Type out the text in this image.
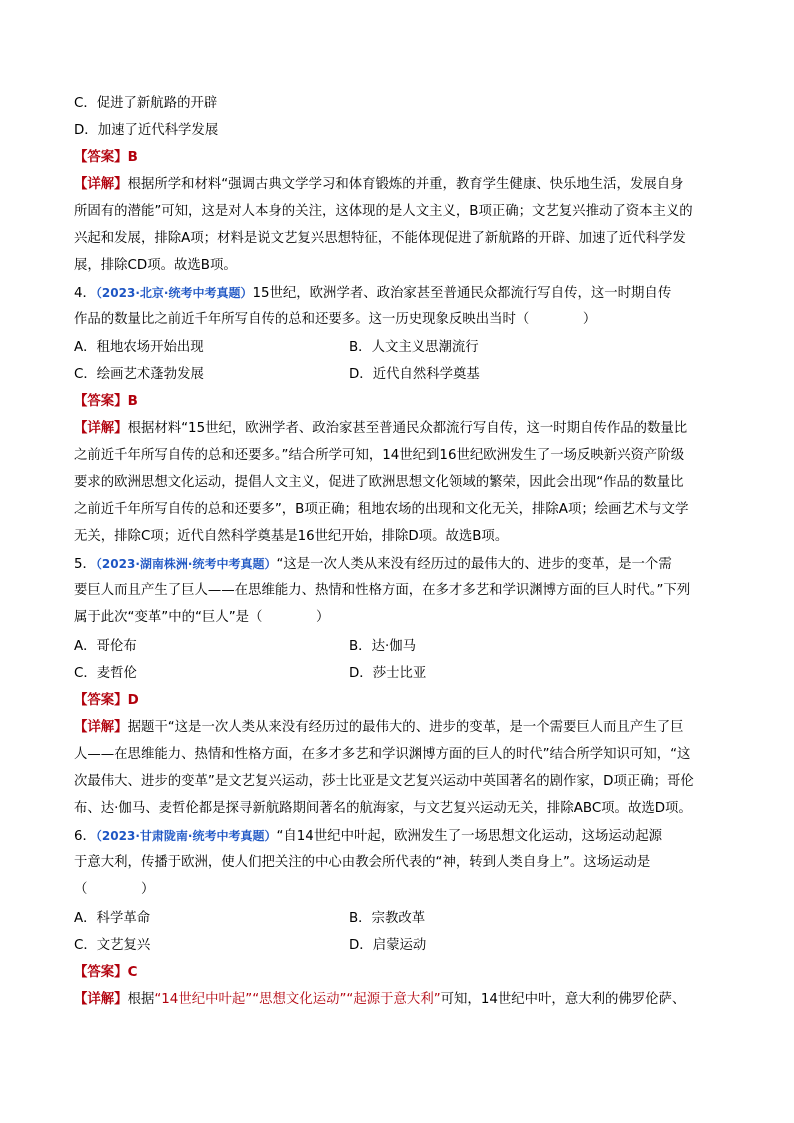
C．促进了新航路的开辟
D．加速了近代科学发展
【答案】B
【详解】根据所学和材料“强调古典文学学习和体育锻炼的并重，教育学生健康、快乐地生活，发展自身
所固有的潜能”可知，这是对人本身的关注，这体现的是人文主义，B项正确；文艺复兴推动了资本主义的
兴起和发展，排除A项；材料是说文艺复兴思想特征，不能体现促进了新航路的开辟、加速了近代科学发
展，排除CD项。故选B项。
4．（2023·北京·统考中考真题）15世纪，欧洲学者、政治家甚至普通民众都流行写自传，这一时期自传
作品的数量比之前近千年所写自传的总和还要多。这一历史现象反映出当时（　　　　）
A．租地农场开始出现	B．人文主义思潮流行
C．绘画艺术蓬勃发展	D．近代自然科学奠基
【答案】B
【详解】根据材料“15世纪，欧洲学者、政治家甚至普通民众都流行写自传，这一时期自传作品的数量比
之前近千年所写自传的总和还要多。”结合所学可知，14世纪到16世纪欧洲发生了一场反映新兴资产阶级
要求的欧洲思想文化运动，提倡人文主义，促进了欧洲思想文化领域的繁荣，因此会出现“作品的数量比
之前近千年所写自传的总和还要多”，B项正确；租地农场的出现和文化无关，排除A项；绘画艺术与文学
无关，排除C项；近代自然科学奠基是16世纪开始，排除D项。故选B项。
5．（2023·湖南株洲·统考中考真题）“这是一次人类从来没有经历过的最伟大的、进步的变革，是一个需
要巨人而且产生了巨人——在思维能力、热情和性格方面，在多才多艺和学识渊博方面的巨人时代。”下列
属于此次“变革”中的“巨人”是（　　　　）
A．哥伦布	B．达·伽马
C．麦哲伦	D．莎士比亚
【答案】D
【详解】据题干“这是一次人类从来没有经历过的最伟大的、进步的变革，是一个需要巨人而且产生了巨
人——在思维能力、热情和性格方面，在多才多艺和学识渊博方面的巨人的时代”结合所学知识可知，“这
次最伟大、进步的变革”是文艺复兴运动，莎士比亚是文艺复兴运动中英国著名的剧作家，D项正确；哥伦
布、达·伽马、麦哲伦都是探寻新航路期间著名的航海家，与文艺复兴运动无关，排除ABC项。故选D项。
6．（2023·甘肃陇南·统考中考真题）“自14世纪中叶起，欧洲发生了一场思想文化运动，这场运动起源
于意大利，传播于欧洲，使人们把关注的中心由教会所代表的“神，转到人类自身上”。这场运动是
（　　　　）
A．科学革命	B．宗教改革
C．文艺复兴	D．启蒙运动
【答案】C
【详解】根据“14世纪中叶起”“思想文化运动”“起源于意大利”可知，14世纪中叶，意大利的佛罗伦萨、
